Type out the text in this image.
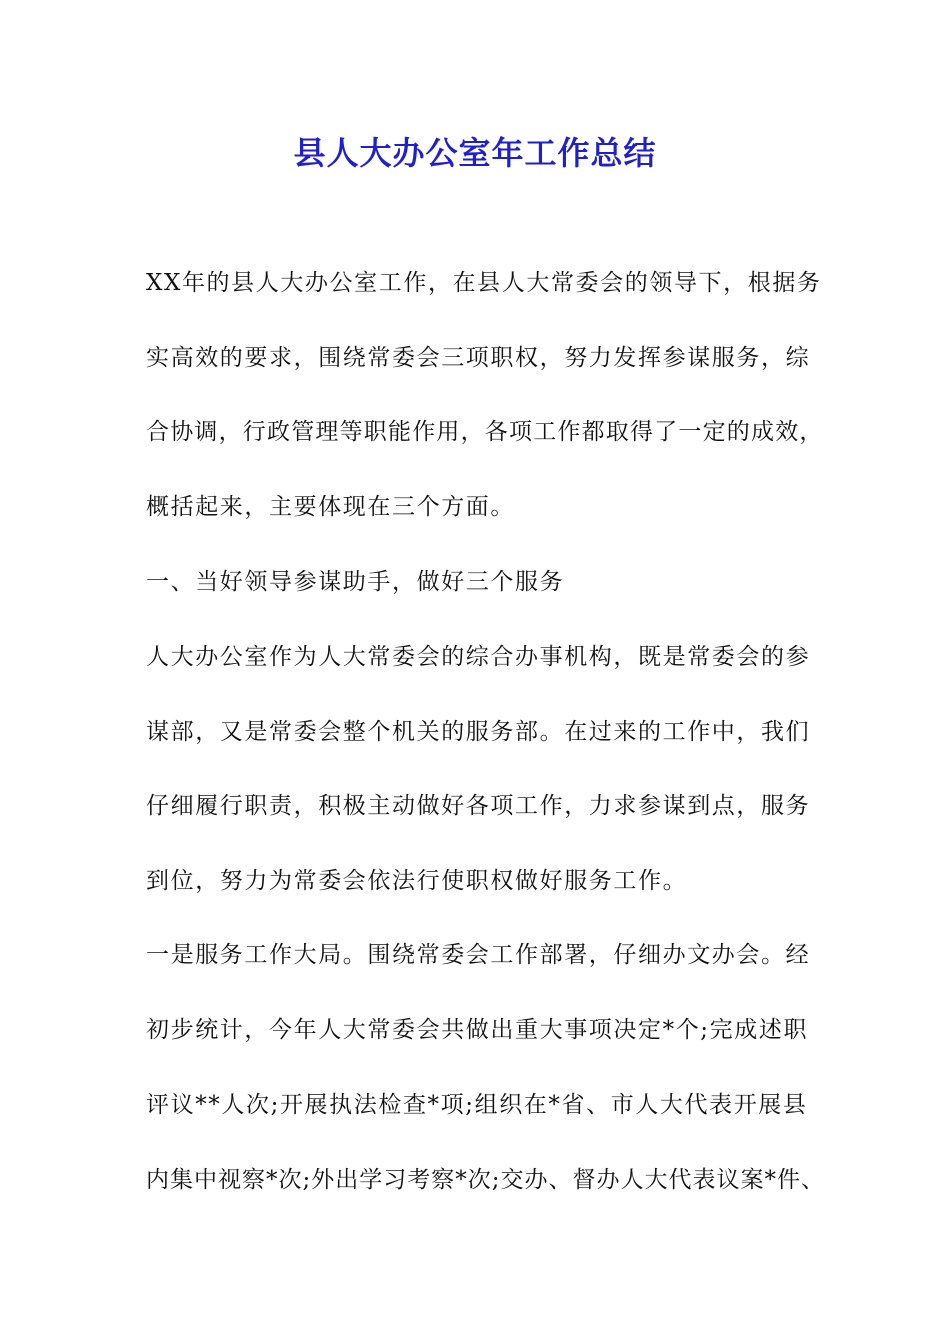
县人大办公室年工作总结
XX年的县人大办公室工作，在县人大常委会的领导下，根据务
实高效的要求，围绕常委会三项职权，努力发挥参谋服务，综
合协调，行政管理等职能作用，各项工作都取得了一定的成效，
概括起来，主要体现在三个方面。
一、当好领导参谋助手，做好三个服务
人大办公室作为人大常委会的综合办事机构，既是常委会的参
谋部，又是常委会整个机关的服务部。在过来的工作中，我们
仔细履行职责，积极主动做好各项工作，力求参谋到点，服务
到位，努力为常委会依法行使职权做好服务工作。
一是服务工作大局。围绕常委会工作部署，仔细办文办会。经
初步统计，今年人大常委会共做出重大事项决定*个;完成述职
评议**人次;开展执法检查*项;组织在*省、市人大代表开展县
内集中视察*次;外出学习考察*次;交办、督办人大代表议案*件、
